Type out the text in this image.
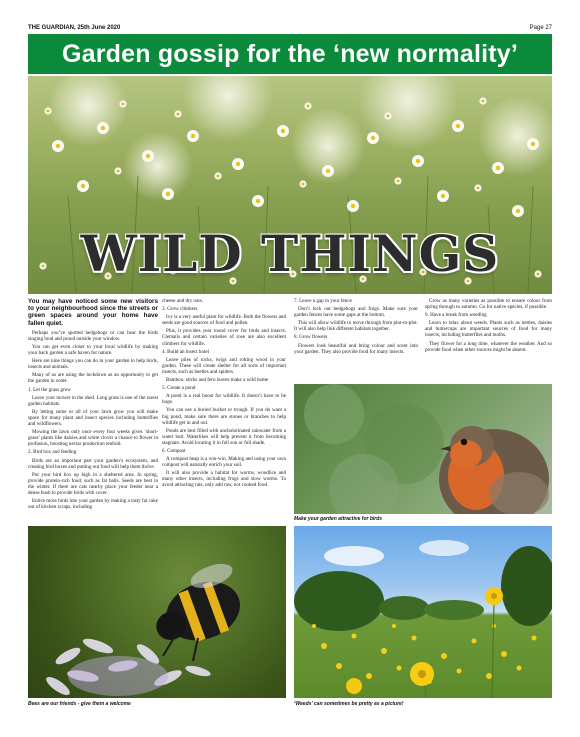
THE GUARDIAN, 25th June 2020	Page 27
Garden gossip for the ‘new normality’
WILD THINGS

You may have noticed some new visitors to your neighbourhood since the streets or green spaces around your home have fallen quiet.

Perhaps you’ve spotted hedgehogs or can hear the birds singing loud and proud outside your window.

You can get even closer to your local wildlife by making your back garden a safe haven for nature.

Here are nine things you can do in your garden to help birds, insects and animals.

Many of us are using the lockdown as an opportunity to get the garden in order.

1. Let the grass grow

Leave your mower in the shed. Long grass is one of the rarest garden habitats.

By letting some or all of your lawn grow you will make space for many plant and insect species including butterflies and wildflowers.

Mowing the lawn only once every four weeks gives ‘short-grass’ plants like daisies and white clover a chance to flower in profusion, boosting nectar production tenfold.

2. Bird box and feeding

Birds are an important part your garden’s ecosystem, and creating bird boxes and putting out food will help them thrive.

Put your bird box up high in a sheltered area. In spring, provide protein-rich food, such as fat balls. Seeds are best in the winter. If there are cats nearby place your feeder near a dense bush to provide birds with cover.

Entice more birds into your garden by making a tasty fat cake out of kitchen scraps, including

cheese and dry oats.

3. Grow climbers

Ivy is a very useful plant for wildlife. Both the flowers and seeds are good sources of food and pollen.

Plus, it provides year round cover for birds and insects. Clematis and certain varieties of rose are also excellent climbers for wildlife.

4. Build an insect hotel

Leave piles of rocks, twigs and rotting wood in your garden. These will create shelter for all sorts of important insects, such as beetles and spiders.

Bamboo, sticks and fern leaves make a wild home

5. Create a pond

A pond is a real boost for wildlife. It doesn’t have to be huge.

You can use a buried bucket or trough. If you do want a big pond, make sure there are stones or branches to help wildlife get in and out.

Ponds are best filled with uncholorinated rainwater from a water butt. Waterlikes will help prevent it from becoming stagnant. Avoid locating it in full sun or full shade.

6. Compost

A compost heap is a win-win. Making and using your own compost will naturally enrich your soil.

It will also provide a habitat for worms, woodlice and many other insects, including frogs and slow worms. To avoid attracting rats, only add raw, not cooked food.

7. Leave a gap in your fence

Don’t lock out hedgehogs and frogs. Make sure your garden fences have some gaps at the bottom.

This will allow wildlife to move through from plot-to-plot. It will also help link different habitats together.

8. Grow flowers

Flowers look beautiful and bring colour and scent into your garden. They also provide food for many insects.

Grow as many varieties as possible to ensure colour from spring through to autumn. Go for native species, if possible.

9. Have a break from weeding

Learn to relax about weeds. Plants such as nettles, daisies and buttercups are important sources of food for many insects, including butterflies and moths.

They flower for a long time, whatever the weather. And so provide food when other sources might be absent.

Make your garden attractive for birds
Bees are our friends - give them a welcome	‘Weeds’ can sometimes be pretty as a picture!
